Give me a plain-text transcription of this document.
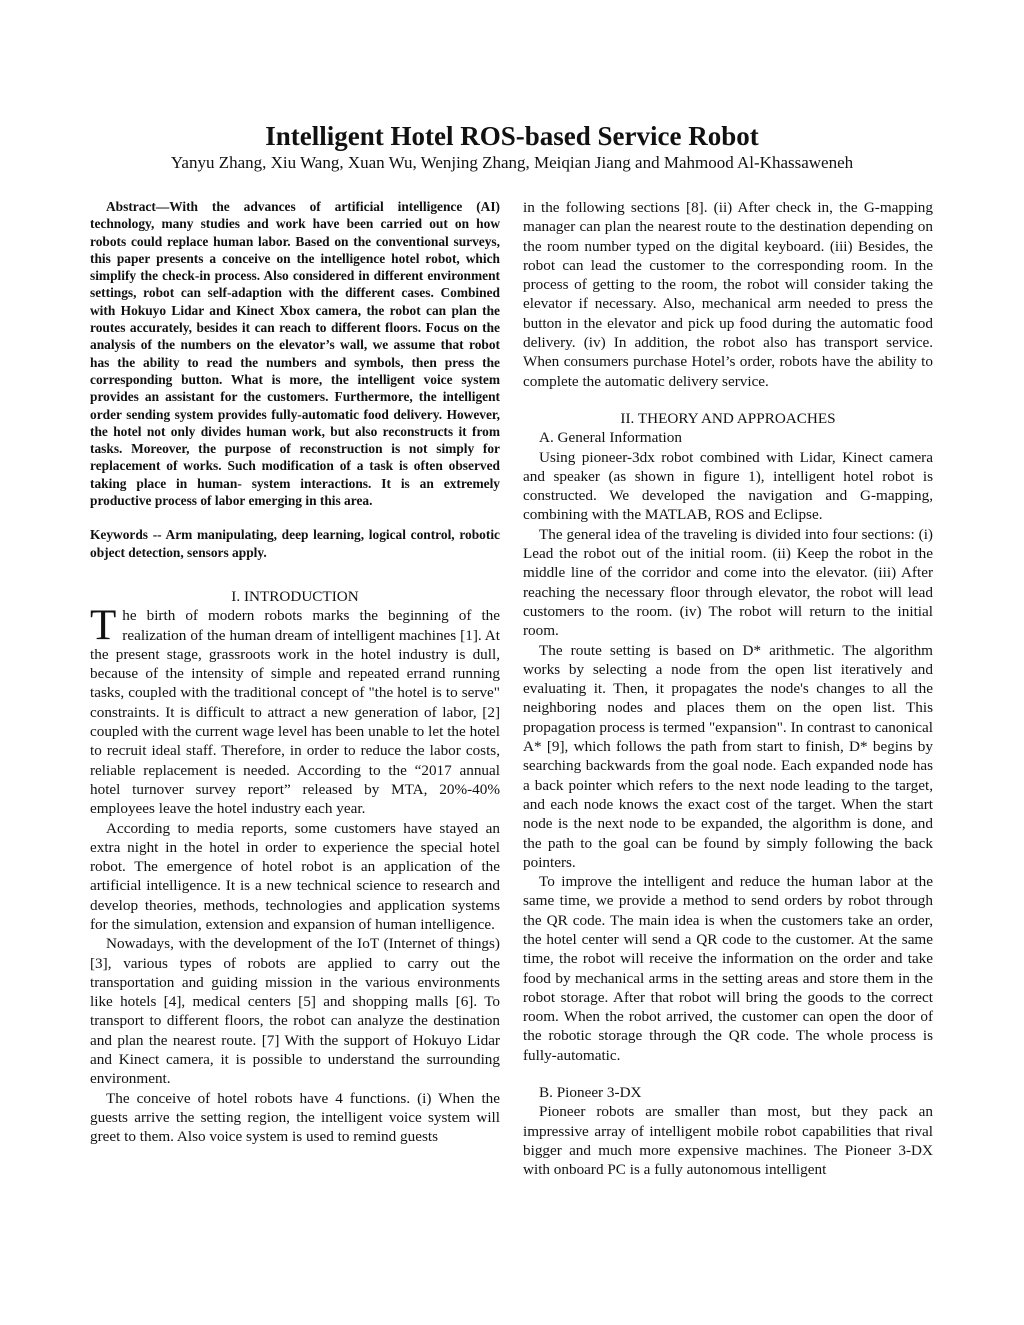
Intelligent Hotel ROS-based Service Robot
Yanyu Zhang, Xiu Wang, Xuan Wu, Wenjing Zhang, Meiqian Jiang and Mahmood Al-Khassaweneh

Abstract—With the advances of artificial intelligence (AI) technology, many studies and work have been carried out on how robots could replace human labor. Based on the conventional surveys, this paper presents a conceive on the intelligence hotel robot, which simplify the check-in process. Also considered in different environment settings, robot can self-adaption with the different cases. Combined with Hokuyo Lidar and Kinect Xbox camera, the robot can plan the routes accurately, besides it can reach to different floors. Focus on the analysis of the numbers on the elevator’s wall, we assume that robot has the ability to read the numbers and symbols, then press the corresponding button. What is more, the intelligent voice system provides an assistant for the customers. Furthermore, the intelligent order sending system provides fully-automatic food delivery. However, the hotel not only divides human work, but also reconstructs it from tasks. Moreover, the purpose of reconstruction is not simply for replacement of works. Such modification of a task is often observed taking place in human- system interactions. It is an extremely productive process of labor emerging in this area.

Keywords -- Arm manipulating, deep learning, logical control, robotic object detection, sensors apply.

I. INTRODUCTION
T he birth of modern robots marks the beginning of the realization of the human dream of intelligent machines [1]. At the present stage, grassroots work in the hotel industry is dull, because of the intensity of simple and repeated errand running tasks, coupled with the traditional concept of "the hotel is to serve" constraints. It is difficult to attract a new generation of labor, [2] coupled with the current wage level has been unable to let the hotel to recruit ideal staff. Therefore, in order to reduce the labor costs, reliable replacement is needed. According to the “2017 annual hotel turnover survey report” released by MTA, 20%-40% employees leave the hotel industry each year.

According to media reports, some customers have stayed an extra night in the hotel in order to experience the special hotel robot. The emergence of hotel robot is an application of the artificial intelligence. It is a new technical science to research and develop theories, methods, technologies and application systems for the simulation, extension and expansion of human intelligence.

Nowadays, with the development of the IoT (Internet of things) [3], various types of robots are applied to carry out the transportation and guiding mission in the various environments like hotels [4], medical centers [5] and shopping malls [6]. To transport to different floors, the robot can analyze the destination and plan the nearest route. [7] With the support of Hokuyo Lidar and Kinect camera, it is possible to understand the surrounding environment.

The conceive of hotel robots have 4 functions. (i) When the guests arrive the setting region, the intelligent voice system will greet to them. Also voice system is used to remind guests

in the following sections [8]. (ii) After check in, the G-mapping manager can plan the nearest route to the destination depending on the room number typed on the digital keyboard. (iii) Besides, the robot can lead the customer to the corresponding room. In the process of getting to the room, the robot will consider taking the elevator if necessary. Also, mechanical arm needed to press the button in the elevator and pick up food during the automatic food delivery. (iv) In addition, the robot also has transport service. When consumers purchase Hotel’s order, robots have the ability to complete the automatic delivery service.

II. THEORY AND APPROACHES
A. General Information

Using pioneer-3dx robot combined with Lidar, Kinect camera and speaker (as shown in figure 1), intelligent hotel robot is constructed. We developed the navigation and G-mapping, combining with the MATLAB, ROS and Eclipse.

The general idea of the traveling is divided into four sections: (i) Lead the robot out of the initial room. (ii) Keep the robot in the middle line of the corridor and come into the elevator. (iii) After reaching the necessary floor through elevator, the robot will lead customers to the room. (iv) The robot will return to the initial room.

The route setting is based on D* arithmetic. The algorithm works by selecting a node from the open list iteratively and evaluating it. Then, it propagates the node's changes to all the neighboring nodes and places them on the open list. This propagation process is termed "expansion". In contrast to canonical A* [9], which follows the path from start to finish, D* begins by searching backwards from the goal node. Each expanded node has a back pointer which refers to the next node leading to the target, and each node knows the exact cost of the target. When the start node is the next node to be expanded, the algorithm is done, and the path to the goal can be found by simply following the back pointers.

To improve the intelligent and reduce the human labor at the same time, we provide a method to send orders by robot through the QR code. The main idea is when the customers take an order, the hotel center will send a QR code to the customer. At the same time, the robot will receive the information on the order and take food by mechanical arms in the setting areas and store them in the robot storage. After that robot will bring the goods to the correct room. When the robot arrived, the customer can open the door of the robotic storage through the QR code. The whole process is fully-automatic.

B. Pioneer 3-DX

Pioneer robots are smaller than most, but they pack an impressive array of intelligent mobile robot capabilities that rival bigger and much more expensive machines. The Pioneer 3-DX with onboard PC is a fully autonomous intelligent
